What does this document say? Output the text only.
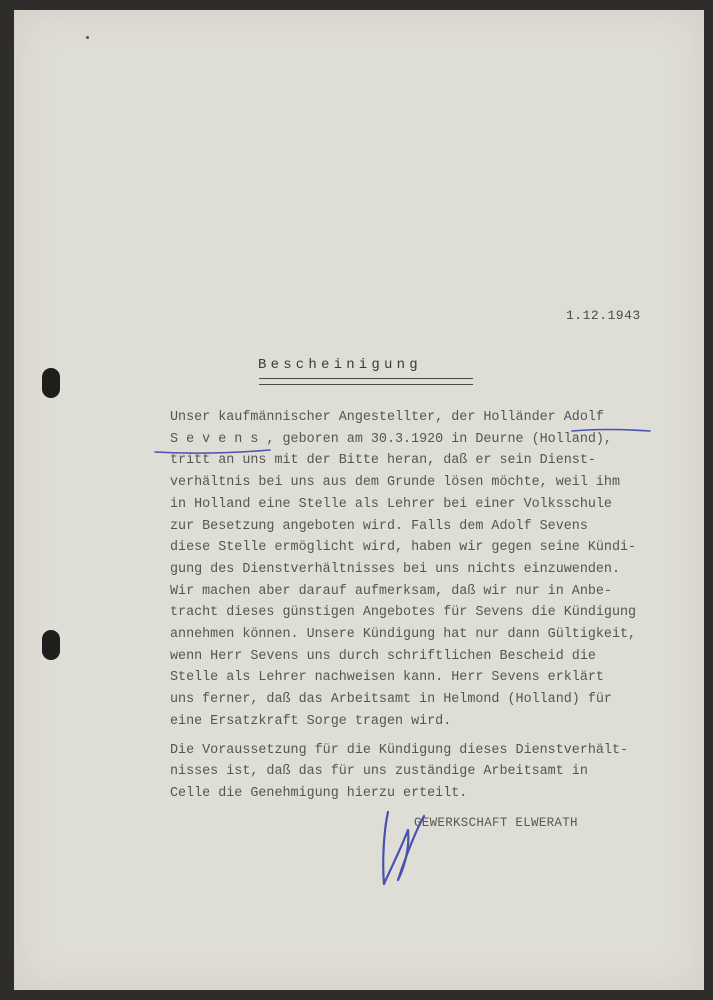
1.12.1943
Bescheinigung
Unser kaufmännischer Angestellter, der Holländer Adolf
S e v e n s , geboren am 30.3.1920 in Deurne (Holland),
tritt an uns mit der Bitte heran, daß er sein Dienst-
verhältnis bei uns aus dem Grunde lösen möchte, weil ihm
in Holland eine Stelle als Lehrer bei einer Volksschule
zur Besetzung angeboten wird. Falls dem Adolf Sevens
diese Stelle ermöglicht wird, haben wir gegen seine Kündi-
gung des Dienstverhältnisses bei uns nichts einzuwenden.
Wir machen aber darauf aufmerksam, daß wir nur in Anbe-
tracht dieses günstigen Angebotes für Sevens die Kündigung
annehmen können. Unsere Kündigung hat nur dann Gültigkeit,
wenn Herr Sevens uns durch schriftlichen Bescheid die
Stelle als Lehrer nachweisen kann. Herr Sevens erklärt
uns ferner, daß das Arbeitsamt in Helmond (Holland) für
eine Ersatzkraft Sorge tragen wird.
Die Voraussetzung für die Kündigung dieses Dienstverhält-
nisses ist, daß das für uns zuständige Arbeitsamt in
Celle die Genehmigung hierzu erteilt.
GEWERKSCHAFT ELWERATH
